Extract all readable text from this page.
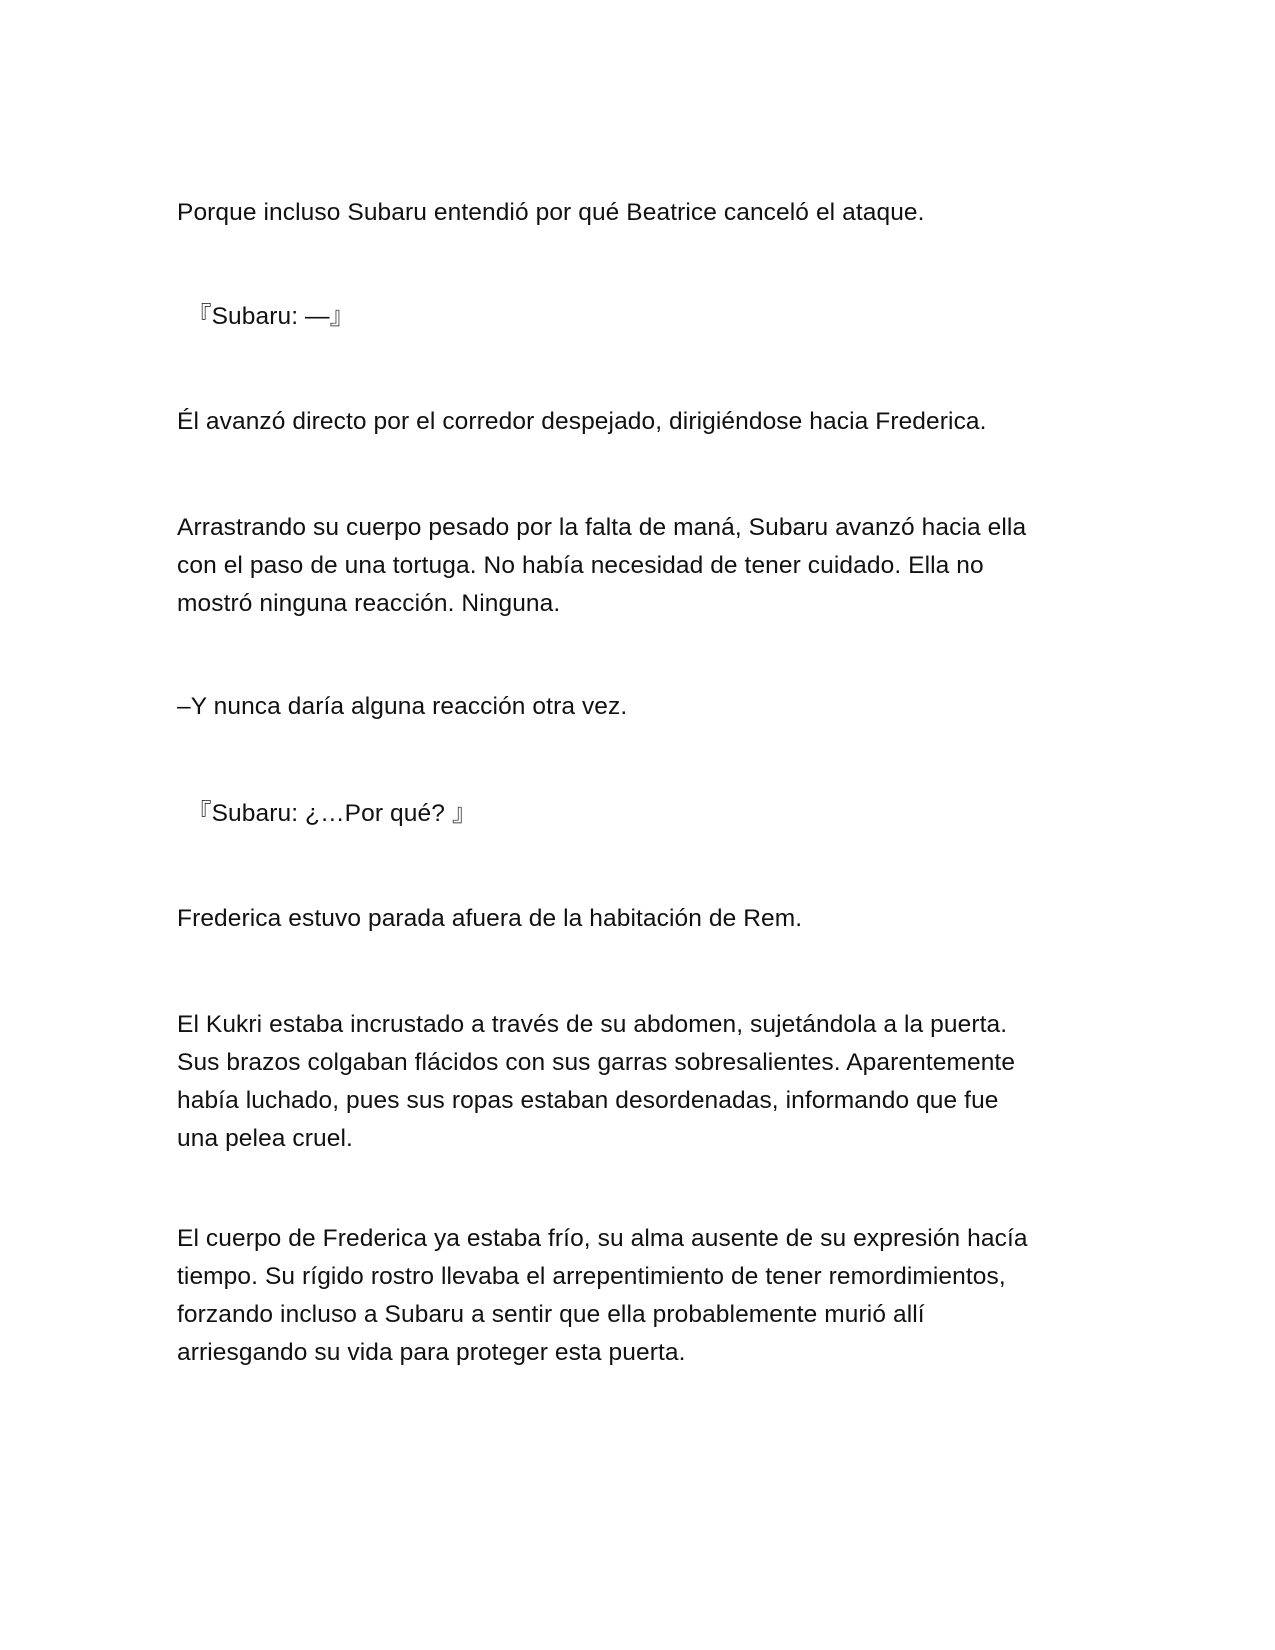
Porque incluso Subaru entendió por qué Beatrice canceló el ataque.

『Subaru: —』

Él avanzó directo por el corredor despejado, dirigiéndose hacia Frederica.

Arrastrando su cuerpo pesado por la falta de maná, Subaru avanzó hacia ella
con el paso de una tortuga. No había necesidad de tener cuidado. Ella no
mostró ninguna reacción. Ninguna.

–Y nunca daría alguna reacción otra vez.

『Subaru: ¿…Por qué? 』

Frederica estuvo parada afuera de la habitación de Rem.

El Kukri estaba incrustado a través de su abdomen, sujetándola a la puerta.
Sus brazos colgaban flácidos con sus garras sobresalientes. Aparentemente
había luchado, pues sus ropas estaban desordenadas, informando que fue
una pelea cruel.

El cuerpo de Frederica ya estaba frío, su alma ausente de su expresión hacía
tiempo. Su rígido rostro llevaba el arrepentimiento de tener remordimientos,
forzando incluso a Subaru a sentir que ella probablemente murió allí
arriesgando su vida para proteger esta puerta.
